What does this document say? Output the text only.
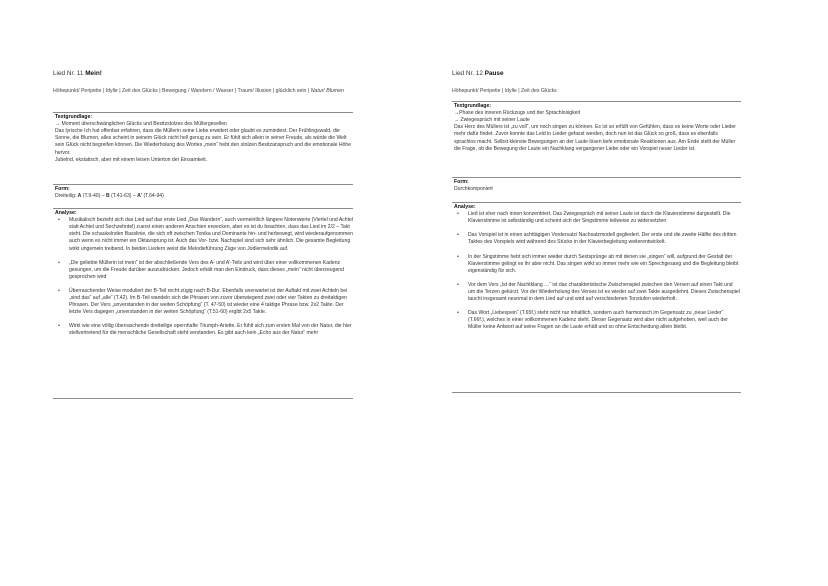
Lied Nr. 11 Mein!
Höhepunkt/ Peripetie | Idylle | Zeit des Glücks | Bewegung / Wandern / Wasser | Traum/ Illusion | glücklich sein | Natur/ Blumen
Textgrundlage:
→ Moment überschwänglichen Glücks und Besitzstolzes des Müllergesellen
Das lyrische Ich hat offenbar erfahren, dass die Müllerin seine Liebe erwidert oder glaubt es zumindest. Der Frühlingswald, die Sonne, die Blumen, alles scheint in seinem Glück nicht hell genug zu sein. Er fühlt sich allein in seiner Freude, als würde die Welt sein Glück nicht begreifen können. Die Wiederholung des Wortes „mein“ hebt den stolzen Besitzanspruch und die emotionale Höhe hervor.
Jubelnd, ekstatisch, aber mit einem leisen Unterton der Einsamkeit.
Form:
Dreiteilig: A (T.9-40) – B (T.41-63) – A' (T.64-94)
Analyse:
• Musikalisch bezieht sich das Lied auf das erste Lied „Das Wandern“, auch vermeintlich längere Notenwerte (Viertel und Achtel statt Achtel und Sechzehntel) zuerst einen anderen Anschien erwecken, aber es ist du beachten, dass das Lied im 2/2 – Takt steht. Die schaukelnden Basslinie, die sich oft zwischen Tonika und Dominante hin- und herbewegt, wird wiederaufgenommen auch wenn es nicht immer ein Oktavsprung ist. Auch das Vor- bzw. Nachspiel sind sich sehr ähnlich. Die gesamte Begleitung wirkt ungemein treibend. In beiden Liedern weist die Melodieführung Züge von Jodlermelodik auf.
• „Die geliebte Müllerin ist mein“ ist der abschließende Vers des A- und A'-Teils und wird über einer vollkommenen Kadenz gesungen, um die Freude darüber auszudrücken. Jedoch erhält man den Eindruck, dass dieses „mein“ nicht überzeugend gesprochen wird
• Überraschender Weise moduliert der B-Teil recht zügig nach B-Dur. Ebenfalls unerwartet ist der Auftakt mit zwei Achteln bei „sind das“ auf „alle“ (T.42). Im B-Teil wandeln sich die Phrasen von zuvor überwiegend zwei oder vier Takten zu dreitaktigen Phrasen. Der Vers „unverstanden in der weiten Schöpfung“ (T. 47-50) ist wieder eine 4 taktige Phrase bzw. 2x2 Takte. Der letzte Vers dagegen „unverstanden in der weiten Schöpfung“ (T.51-60) ergibt 2x5 Takte.
• Wirkt wie eine völlig überraschende dreiteilige opernhafte Triumph-Ariette. Er fühlt sich zum ersten Mal von der Natur, die hier stellvertretend für die menschliche Gesellschaft steht verstanden. Es gibt auch kein „Echo aus der Natur“ mehr
Lied Nr. 12 Pause
Höhepunkt/ Peripetie | Idylle | Zeit des Glücks
Textgrundlage:
→Phase des inneren Rückzugs und der Sprachlosigkeit
→ Zwiegespräch mit seiner Laute
Das Herz des Müllers ist „zu voll“, um noch singen zu können. Es ist so erfüllt von Gefühlen, dass es keine Worte oder Lieder mehr dafür findet. Zuvor konnte das Leid in Lieder gefasst werden, doch nun ist das Glück so groß, dass es ebenfalls sprachlos macht. Selbst kleinste Bewegungen an der Laute lösen tiefe emotionale Reaktionen aus. Am Ende stellt der Müller die Frage, ob die Bewegung der Laute ein Nachklang vergangener Liebe oder ein Vorspiel neuer Lieder ist.
Form:
Durchkomponiert
Analyse:
• Lied ist eher nach innen konzentriert. Das Zwiegespräch mit seiner Laute ist durch die Klavierstimme dargestellt. Die Klavierstimme ist selbständig und scheint sich der Singstimme teilweise zu widersetzten
• Das Vorspiel ist in einen achttägigen Vordersatz/ Nachsatzmodell gegliedert. Der erste und die zweite Hälfte des dritten Taktes des Vorspiels wird während des Stücks in der Klavierbegleitung weiterentwickelt.
• In der Singstimme hebt sich immer wieder durch Sextsprünge ab mit denen sie „singen“ will, aufgrund der Gestalt der Klavierstimme gelingt es ihr aber nicht. Das singen wirkt so immer mehr wie ein Sprechgesang und die Begleitung bleibt eigenständig für sich.
• Vor dem Vers „Ist der Nachtklang …“ ist das charakteristische Zwischenspiel zwischen den Versen auf einen Takt und um die Terzen gekürzt. Vor der Wiederholung des Verses ist es wieder auf zwei Takte ausgedehnt. Dieses Zwischenspiel taucht insgesamt neunmal in dem Lied auf und wird auf verschiedenen Tonstufen wiederholt.
• Das Wort „Liebespein“ (T.65f.) steht nicht nur inhaltlich, sondern auch harmonisch im Gegensatz zu „neue Lieder“ (T.66f.), welches in einer vollkommenen Kadenz steht. Dieser Gegensatz wird aber nicht aufgehoben, weil auch der Müller keine Antwort auf seine Fragen an die Laute erhält und so ohne Entscheidung allein bleibt.
